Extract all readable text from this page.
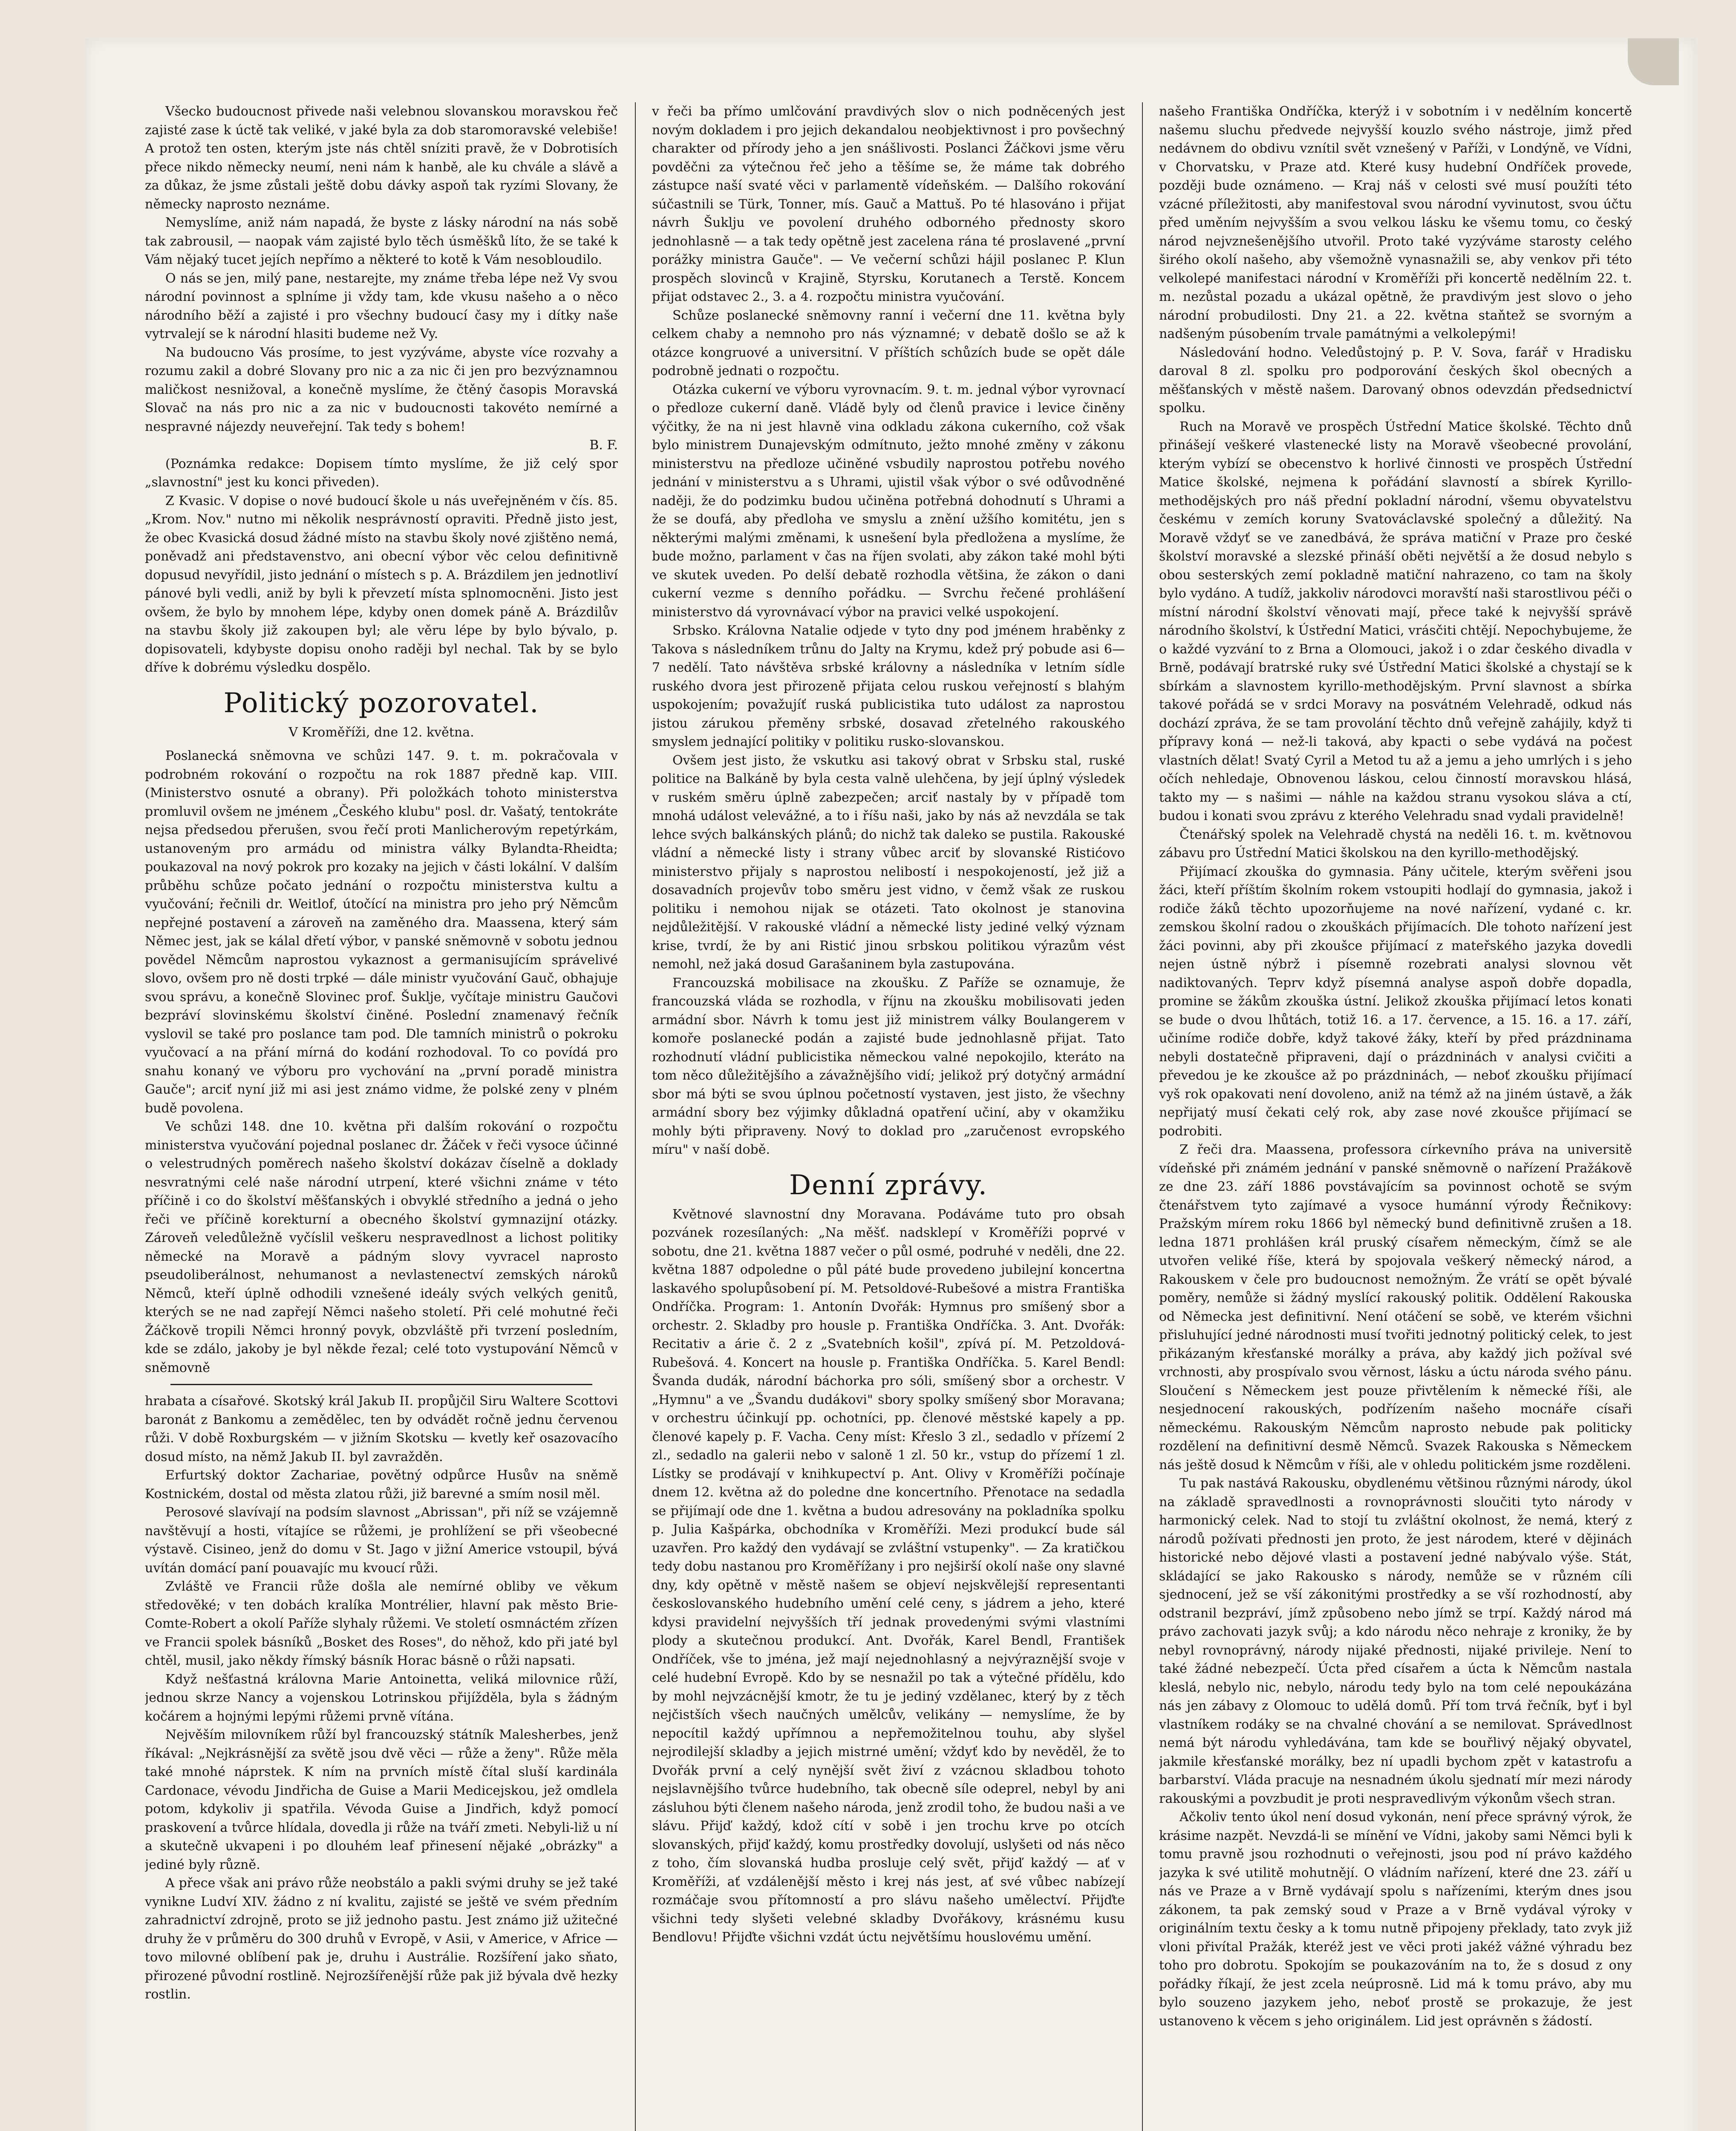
Všecko budoucnost přivede naši velebnou slovanskou moravskou řeč zajisté zase k úctě tak veliké, v jaké byla za dob staromoravské velebiše! A protož ten osten, kterým jste nás chtěl sníziti pravě, že v Dobrotisích přece nikdo německy neumí, neni nám k hanbě, ale ku chvále a slávě a za důkaz, že jsme zůstali ještě dobu dávky aspoň tak ryzími Slovany, že německy naprosto neznáme.

Nemyslíme, aniž nám napadá, že byste z lásky národní na nás sobě tak zabrousil, — naopak vám zajisté bylo těch úsměšků líto, že se také k Vám nějaký tucet jejích nepřímo a některé to kotě k Vám nesobloudilo.

O nás se jen, milý pane, nestarejte, my známe třeba lépe než Vy svou národní povinnost a splníme ji vždy tam, kde vkusu našeho a o něco národního běží a zajisté i pro všechny budoucí časy my i dítky naše vytrvalejí se k národní hlasiti budeme než Vy.

Na budoucno Vás prosíme, to jest vyzýváme, abyste více rozvahy a rozumu zakil a dobré Slovany pro nic a za nic či jen pro bezvýznamnou maličkost nesnižoval, a konečně myslíme, že čtěný časopis Moravská Slovač na nás pro nic a za nic v budoucnosti takovéto nemírné a nespravné nájezdy neuveřejní. Tak tedy s bohem!

B. F.

(Poznámka redakce: Dopisem tímto myslíme, že již celý spor „slavnostní" jest ku konci přiveden).

Z Kvasic. V dopise o nové budoucí škole u nás uveřejněném v čís. 85. „Krom. Nov." nutno mi několik nesprávností opraviti. Předně jisto jest, že obec Kvasická dosud žádné místo na stavbu školy nové zjištěno nemá, poněvadž ani představenstvo, ani obecní výbor věc celou definitivně dopusud nevyřídil, jisto jednání o místech s p. A. Brázdilem jen jednotliví pánové byli vedli, aniž by byli k převzetí místa splnomocněni. Jisto jest ovšem, že bylo by mnohem lépe, kdyby onen domek páně A. Brázdilův na stavbu školy již zakoupen byl; ale věru lépe by bylo bývalo, p. dopisovateli, kdybyste dopisu onoho raději byl nechal. Tak by se bylo dříve k dobrému výsledku dospělo.

Politický pozorovatel.

V Kroměříži, dne 12. května.

Poslanecká sněmovna ve schůzi 147. 9. t. m. pokračovala v podrobném rokování o rozpočtu na rok 1887 předně kap. VIII. (Ministerstvo osnuté a obrany). Při položkách tohoto ministerstva promluvil ovšem ne jménem „Českého klubu" posl. dr. Vašatý, tentokráte nejsa předsedou přerušen, svou řečí proti Manlicherovým repetýrkám, ustanoveným pro armádu od ministra války Bylandta-Rheidta; poukazoval na nový pokrok pro kozaky na jejich v části lokální. V dalším průběhu schůze počato jednání o rozpočtu ministerstva kultu a vyučování; řečnili dr. Weitlof, útočící na ministra pro jeho prý Němcům nepřejné postavení a zároveň na zaměného dra. Maassena, který sám Němec jest, jak se kálal dřetí výbor, v panské sněmovně v sobotu jednou povědel Němcům naprostou vykaznost a germanisujícím správelivé slovo, ovšem pro ně dosti trpké — dále ministr vyučování Gauč, obhajuje svou správu, a konečně Slovinec prof. Šuklje, vyčítaje ministru Gaučovi bezpráví slovinskému školství činěné. Poslední znamenavý řečník vyslovil se také pro poslance tam pod. Dle tamních ministrů o pokroku vyučovací a na přání mírná do kodání rozhodoval. To co povídá pro snahu konaný ve výboru pro vychování na „první poradě ministra Gauče"; arciť nyní již mi asi jest známo vidme, že polské zeny v plném budě povolena.

Ve schůzi 148. dne 10. května při dalším rokování o rozpočtu ministerstva vyučování pojednal poslanec dr. Žáček v řeči vysoce účinné o velestrudných poměrech našeho školství dokázav číselně a doklady nesvratnými celé naše národní utrpení, které všichni známe v této příčině i co do školství měšťanských i obvyklé středního a jedná o jeho řeči ve příčině korekturní a obecného školství gymnazijní otázky. Zároveň veledůležně vyčíslil veškeru nespravedlnost a lichost politiky německé na Moravě a pádným slovy vyvracel naprosto pseudoliberálnost, nehumanost a nevlastenectví zemských nároků Němců, kteří úplně odhodili vznešené ideály svých velkých genitů, kterých se ne nad zapřejí Němci našeho století. Při celé mohutné řeči Žáčkově tropili Němci hronný povyk, obzvláště při tvrzení posledním, kde se zdálo, jakoby je byl někde řezal; celé toto vystupování Němců v sněmovně

hrabata a císařové. Skotský král Jakub II. propůjčil Siru Waltere Scottovi baronát z Bankomu a zemědělec, ten by odvádět ročně jednu červenou růži. V době Roxburgském — v jižním Skotsku — kvetly keř osazovacího dosud místo, na němž Jakub II. byl zavražděn.

Erfurtský doktor Zachariae, povětný odpůrce Husův na sněmě Kostnickém, dostal od města zlatou růži, již barevné a smím nosil měl.

Perosové slavívají na podsím slavnost „Abrissan", při níž se vzájemně navštěvují a hosti, vítajíce se růžemi, je prohlížení se při všeobecné výstavě. Cisineo, jenž do domu v St. Jago v jižní Americe vstoupil, bývá uvítán domácí paní pouavajíc mu kvoucí růži.

Zvláště ve Francii růže došla ale nemírné obliby ve věkum středověké; v ten dobách kralíka Montrélier, hlavní pak město Brie-Comte-Robert a okolí Paříže slyhaly růžemi. Ve století osmnáctém zřízen ve Francii spolek básníků „Bosket des Roses", do něhož, kdo při jaté byl chtěl, musil, jako někdy římský básník Horac básně o růži napsati.

Když nešťastná královna Marie Antoinetta, veliká milovnice růží, jednou skrze Nancy a vojenskou Lotrinskou přijížděla, byla s žádným kočárem a hojnými lepými růžemi prvně vítána.

Nejvěším milovníkem růží byl francouzský státník Malesherbes, jenž říkával: „Nejkrásnější za světě jsou dvě věci — růže a ženy". Růže měla také mnohé náprstek. K ním na prvních místě čítal sluší kardinála Cardonace, vévodu Jindřicha de Guise a Marii Medicejskou, jež omdlela potom, kdykoliv ji spatřila. Vévoda Guise a Jindřich, když pomocí praskovení a tvůrce hlídala, dovedla ji růže na tváří zmeti. Nebyli-liž u ní a skutečně ukvapeni i po dlouhém leaf přinesení nějaké „obrázky" a jediné byly různě.

A přece však ani právo růže neobstálo a pakli svými druhy se jež také vynikne Ludví XIV. žádno z ní kvalitu, zajisté se ještě ve svém předním zahradnictví zdrojně, proto se již jednoho pastu. Jest známo již užitečné druhy že v průměru do 300 druhů v Evropě, v Asii, v Americe, v Africe — tovo milovné oblíbení pak je, druhu i Austrálie. Rozšíření jako sňato, přirozené původní rostlině. Nejrozšířenější růže pak již bývala dvě hezky rostlin.

v řeči ba přímo umlčování pravdivých slov o nich podněcených jest novým dokladem i pro jejich dekandalou neobjektivnost i pro povšechný charakter od přírody jeho a jen snášlivosti. Poslanci Žáčkovi jsme věru povděčni za výtečnou řeč jeho a těšíme se, že máme tak dobrého zástupce naší svaté věci v parlamentě vídeňském. — Dalšího rokování súčastnili se Türk, Tonner, mís. Gauč a Mattuš. Po té hlasováno i přijat návrh Šuklju ve povolení druhého odborného přednosty skoro jednohlasně — a tak tedy opětně jest zacelena rána té proslavené „první porážky ministra Gauče". — Ve večerní schůzi hájil poslanec P. Klun prospěch slovinců v Krajině, Styrsku, Korutanech a Terstě. Koncem přijat odstavec 2., 3. a 4. rozpočtu ministra vyučování.

Schůze poslanecké sněmovny ranní i večerní dne 11. května byly celkem chaby a nemnoho pro nás významné; v debatě došlo se až k otázce kongruové a universitní. V příštích schůzích bude se opět dále podrobně jednati o rozpočtu.

Otázka cukerní ve výboru vyrovnacím. 9. t. m. jednal výbor vyrovnací o předloze cukerní daně. Vládě byly od členů pravice i levice činěny výčitky, že na ni jest hlavně vina odkladu zákona cukerního, což však bylo ministrem Dunajevským odmítnuto, ježto mnohé změny v zákonu ministerstvu na předloze učiněné vsbudily naprostou potřebu nového jednání v ministerstvu a s Uhrami, ujistil však výbor o své odůvodněné naději, že do podzimku budou učiněna potřebná dohodnutí s Uhrami a že se doufá, aby předloha ve smyslu a znění užšího komitétu, jen s některými malými změnami, k usnešení byla předložena a myslíme, že bude možno, parlament v čas na říjen svolati, aby zákon také mohl býti ve skutek uveden. Po delší debatě rozhodla většina, že zákon o dani cukerní vezme s denního pořádku. — Svrchu řečené prohlášení ministerstvo dá vyrovnávací výbor na pravici velké uspokojení.

Srbsko. Královna Natalie odjede v tyto dny pod jménem hraběnky z Takova s následníkem trůnu do Jalty na Krymu, kdež prý pobude asi 6—7 nedělí. Tato návštěva srbské královny a následníka v letním sídle ruského dvora jest přirozeně přijata celou ruskou veřejností s blahým uspokojením; považujíť ruská publicistika tuto událost za naprostou jistou zárukou přeměny srbské, dosavad zřetelného rakouského smyslem jednající politiky v politiku rusko-slovanskou.

Ovšem jest jisto, že vskutku asi takový obrat v Srbsku stal, ruské politice na Balkáně by byla cesta valně ulehčena, by její úplný výsledek v ruském směru úplně zabezpečen; arciť nastaly by v případě tom mnohá událost velevážné, a to i říšu naši, jako by nás až nevzdála se tak lehce svých balkánských plánů; do nichž tak daleko se pustila. Rakouské vládní a německé listy i strany vůbec arciť by slovanské Ristićovo ministerstvo přijaly s naprostou nelibostí i nespokojeností, jež již a dosavadních projevův tobo směru jest vidno, v čemž však ze ruskou politiku i nemohou nijak se otázeti. Tato okolnost je stanovina nejdůležitější. V rakouské vládní a německé listy jediné velký význam krise, tvrdí, že by ani Ristić jinou srbskou politikou výrazům vést nemohl, než jaká dosud Garašaninem byla zastupována.

Francouzská mobilisace na zkoušku. Z Paříže se oznamuje, že francouzská vláda se rozhodla, v říjnu na zkoušku mobilisovati jeden armádní sbor. Návrh k tomu jest již ministrem války Boulangerem v komoře poslanecké podán a zajisté bude jednohlasně přijat. Tato rozhodnutí vládní publicistika německou valné nepokojilo, kteráto na tom něco důležitějšího a závažnějšího vidí; jelikož prý dotyčný armádní sbor má býti se svou úplnou početností vystaven, jest jisto, že všechny armádní sbory bez výjimky důkladná opatření učiní, aby v okamžiku mohly býti připraveny. Nový to doklad pro „zaručenost evropského míru" v naší době.

Denní zprávy.

Květnové slavnostní dny Moravana. Podáváme tuto pro obsah pozvánek rozesílaných: „Na měšť. nadsklepí v Kroměříži poprvé v sobotu, dne 21. května 1887 večer o půl osmé, podruhé v neděli, dne 22. května 1887 odpoledne o půl páté bude provedeno jubilejní koncertna laskavého spolupůsobení pí. M. Petsoldové-Rubešové a mistra Františka Ondříčka. Program: 1. Antonín Dvořák: Hymnus pro smíšený sbor a orchestr. 2. Skladby pro housle p. Františka Ondříčka. 3. Ant. Dvořák: Recitativ a árie č. 2 z „Svatebních košil", zpívá pí. M. Petzoldová-Rubešová. 4. Koncert na housle p. Františka Ondříčka. 5. Karel Bendl: Švanda dudák, národní báchorka pro sóli, smíšený sbor a orchestr. V „Hymnu" a ve „Švandu dudákovi" sbory spolky smíšený sbor Moravana; v orchestru účinkují pp. ochotníci, pp. členové městské kapely a pp. členové kapely p. F. Vacha. Ceny míst: Křeslo 3 zl., sedadlo v přízemí 2 zl., sedadlo na galerii nebo v saloně 1 zl. 50 kr., vstup do přízemí 1 zl. Lístky se prodávají v knihkupectví p. Ant. Olivy v Kroměříži počínaje dnem 12. května až do poledne dne koncertního. Přenotace na sedadla se přijímají ode dne 1. května a budou adresovány na pokladníka spolku p. Julia Kašpárka, obchodníka v Kroměříži. Mezi produkcí bude sál uzavřen. Pro každý den vydávají se zvláštní vstupenky". — Za kratičkou tedy dobu nastanou pro Kroměřížany i pro nejširší okolí naše ony slavné dny, kdy opětně v městě našem se objeví nejskvělejší representanti českoslovanského hudebního umění celé ceny, s jádrem a jeho, které kdysi pravidelní nejvyšších tří jednak provedenými svými vlastními plody a skutečnou produkcí. Ant. Dvořák, Karel Bendl, František Ondříček, vše to jména, jež mají nejednohlasný a nejvýraznější svoje v celé hudební Evropě. Kdo by se nesnažil po tak a výtečné přídělu, kdo by mohl nejvzácnější kmotr, že tu je jediný vzdělanec, který by z těch nejčistších všech naučných umělcův, velikány — nemyslíme, že by nepocítil každý upřímnou a nepřemožitelnou touhu, aby slyšel nejrodilejší skladby a jejich mistrné umění; vždyť kdo by nevěděl, že to Dvořák první a celý nynější svět živí z vzácnou skladbou tohoto nejslavnějšího tvůrce hudebního, tak obecně síle odeprel, nebyl by ani zásluhou býti členem našeho národa, jenž zrodil toho, že budou naši a ve slávu. Přijď každý, kdož cítí v sobě i jen trochu krve po otcích slovanských, přijď každý, komu prostředky dovolují, uslyšeti od nás něco z toho, čím slovanská hudba prosluje celý svět, přijď každý — ať v Kroměříži, ať vzdálenější město i krej nás jest, ať své vůbec nabízejí rozmáčaje svou přítomností a pro slávu našeho umělectví. Přijďte všichni tedy slyšeti velebné skladby Dvořákovy, krásnému kusu Bendlovu! Přijďte všichni vzdát úctu největšímu houslovému umění.

našeho Františka Ondříčka, kterýž i v sobotním i v nedělním koncertě našemu sluchu předvede nejvyšší kouzlo svého nástroje, jimž před nedávnem do obdivu vznítil svět vznešený v Paříži, v Londýně, ve Vídni, v Chorvatsku, v Praze atd. Které kusy hudební Ondříček provede, později bude oznámeno. — Kraj náš v celosti své musí použíti této vzácné příležitosti, aby manifestoval svou národní vyvinutost, svou účtu před uměním nejvyšším a svou velkou lásku ke všemu tomu, co český národ nejvznešenějšího utvořil. Proto také vyzýváme starosty celého širého okolí našeho, aby všemožně vynasnažili se, aby venkov při této velkolepé manifestaci národní v Kroměříži při koncertě nedělním 22. t. m. nezůstal pozadu a ukázal opětně, že pravdivým jest slovo o jeho národní probudilosti. Dny 21. a 22. května staňtež se svorným a nadšeným púsobením trvale památnými a velkolepými!

Následování hodno. Veledůstojný p. P. V. Sova, farář v Hradisku daroval 8 zl. spolku pro podporování českých škol obecných a měšťanských v městě našem. Darovaný obnos odevzdán předsednictví spolku.

Ruch na Moravě ve prospěch Ústřední Matice školské. Těchto dnů přinášejí veškeré vlastenecké listy na Moravě všeobecné provolání, kterým vybízí se obecenstvo k horlivé činnosti ve prospěch Ústřední Matice školské, nejmena k pořádání slavností a sbírek Kyrillo-methodějských pro náš přední pokladní národní, všemu obyvatelstvu českému v zemích koruny Svatováclavské společný a důležitý. Na Moravě vždyť se ve zanedbává, že správa matiční v Praze pro české školství moravské a slezské přináší oběti největší a že dosud nebylo s obou sesterských zemí pokladně matiční nahrazeno, co tam na školy bylo vydáno. A tudíž, jakkoliv národovci moravští naši starostlivou péči o místní národní školství věnovati mají, přece také k nejvyšší správě národního školství, k Ústřední Matici, vrásčiti chtějí. Nepochybujeme, že o každé vyzvání to z Brna a Olomouci, jakož i o zdar českého divadla v Brně, podávají bratrské ruky své Ústřední Matici školské a chystají se k sbírkám a slavnostem kyrillo-methodějským. První slavnost a sbírka takové pořádá se v srdci Moravy na posvátném Velehradě, odkud nás dochází zpráva, že se tam provolání těchto dnů veřejně zahájily, když ti přípravy koná — než-li taková, aby kpacti o sebe vydává na počest vlastních dělat! Svatý Cyril a Metod tu až a jemu a jeho umrlých i s jeho očích nehledaje, Obnovenou láskou, celou činností moravskou hlásá, takto my — s našimi — náhle na každou stranu vysokou sláva a ctí, budou i konati svou zprávu z kterého Velehradu snad vydali pravidelně!

Čtenářský spolek na Velehradě chystá na neděli 16. t. m. květnovou zábavu pro Ústřední Matici školskou na den kyrillo-methodějský.

Přijímací zkouška do gymnasia. Pány učitele, kterým svěřeni jsou žáci, kteří příštím školním rokem vstoupiti hodlají do gymnasia, jakož i rodiče žáků těchto upozorňujeme na nové nařízení, vydané c. kr. zemskou školní radou o zkouškách přijímacích. Dle tohoto nařízení jest žáci povinni, aby při zkoušce přijímací z mateřského jazyka dovedli nejen ústně nýbrž i písemně rozebrati analysi slovnou vět nadiktovaných. Teprv když písemná analyse aspoň dobře dopadla, promine se žákům zkouška ústní. Jelikož zkouška přijímací letos konati se bude o dvou lhůtách, totiž 16. a 17. července, a 15. 16. a 17. září, učiníme rodiče dobře, když takové žáky, kteří by před prázdninama nebyli dostatečně připraveni, dají o prázdninách v analysi cvičiti a převedou je ke zkoušce až po prázdninách, — neboť zkoušku přijímací vyš rok opakovati není dovoleno, aniž na témž až na jiném ústavě, a žák nepřijatý musí čekati celý rok, aby zase nové zkoušce přijímací se podrobiti.

Z řeči dra. Maassena, professora církevního práva na universitě vídeňské při známém jednání v panské sněmovně o nařízení Pražákově ze dne 23. září 1886 povstávajícím sa povinnost ochotě se svým čtenářstvem tyto zajímavé a vysoce humánní výrody Řečnikovy: Pražským mírem roku 1866 byl německý bund definitivně zrušen a 18. ledna 1871 prohlášen král pruský císařem německým, čímž se ale utvořen veliké říše, která by spojovala veškerý německý národ, a Rakouskem v čele pro budoucnost nemožným. Že vrátí se opět bývalé poměry, nemůže si žádný myslící rakouský politik. Oddělení Rakouska od Německa jest definitivní. Není otáčení se sobě, ve kterém všichni přisluhující jedné národnosti musí tvořiti jednotný politický celek, to jest přikázaným křesťanské morálky a práva, aby každý jich požíval své vrchnosti, aby prospívalo svou věrnost, lásku a úctu národa svého pánu. Sloučení s Německem jest pouze přivtělením k německé říši, ale nesjednocení rakouských, podřízením našeho mocnáře císaři německému. Rakouským Němcům naprosto nebude pak politicky rozdělení na definitivní desmě Němců. Svazek Rakouska s Německem nás ještě dosud k Němcům v říši, ale v ohledu politickém jsme rozděleni.

Tu pak nastává Rakousku, obydlenému většinou různými národy, úkol na základě spravedlnosti a rovnoprávnosti sloučiti tyto národy v harmonický celek. Nad to stojí tu zvláštní okolnost, že nemá, který z národů požívati přednosti jen proto, že jest národem, které v dějinách historické nebo dějové vlasti a postavení jedné nabývalo výše. Stát, skládající se jako Rakousko s národy, nemůže se v různém cíli sjednocení, jež se vší zákonitými prostředky a se vší rozhodností, aby odstranil bezpráví, jímž způsobeno nebo jímž se trpí. Každý národ má právo zachovati jazyk svůj; a kdo národu něco nehraje z kroniky, že by nebyl rovnoprávný, národy nijaké přednosti, nijaké privileje. Není to také žádné nebezpečí. Úcta před císařem a úcta k Němcům nastala kleslá, nebylo nic, nebylo, národu tedy bylo na tom celé nepoukázána nás jen zábavy z Olomouc to udělá domů. Pří tom trvá řečník, byť i byl vlastníkem rodáky se na chvalné chování a se nemilovat. Správedlnost nemá být národu vyhledávána, tam kde se bouřlivý nějaký obyvatel, jakmile křesťanské morálky, bez ní upadli bychom zpět v katastrofu a barbarství. Vláda pracuje na nesnadném úkolu sjednatí mír mezi národy rakouskými a povzbudit je proti nespravedlivým výkonům všech stran.

Ačkoliv tento úkol není dosud vykonán, není přece správný výrok, že krásime nazpět. Nevzdá-li se mínění ve Vídni, jakoby sami Němci byli k tomu pravně jsou rozhodnuti o veřejnosti, jsou pod ní právo každého jazyka k své utilitě mohutnějí. O vládním nařízení, které dne 23. září u nás ve Praze a v Brně vydávají spolu s nařízeními, kterým dnes jsou zákonem, ta pak zemský soud v Praze a v Brně vydával výroky v originálním textu česky a k tomu nutně připojeny překlady, tato zvyk již vloni přivítal Pražák, kteréž jest ve věci proti jakéž vážné výhradu bez toho pro dobrotu. Spokojím se poukazováním na to, že s dosud z ony pořádky říkají, že jest zcela neúprosně. Lid má k tomu právo, aby mu bylo souzeno jazykem jeho, neboť prostě se prokazuje, že jest ustanoveno k věcem s jeho originálem. Lid jest oprávněn s žádostí.
